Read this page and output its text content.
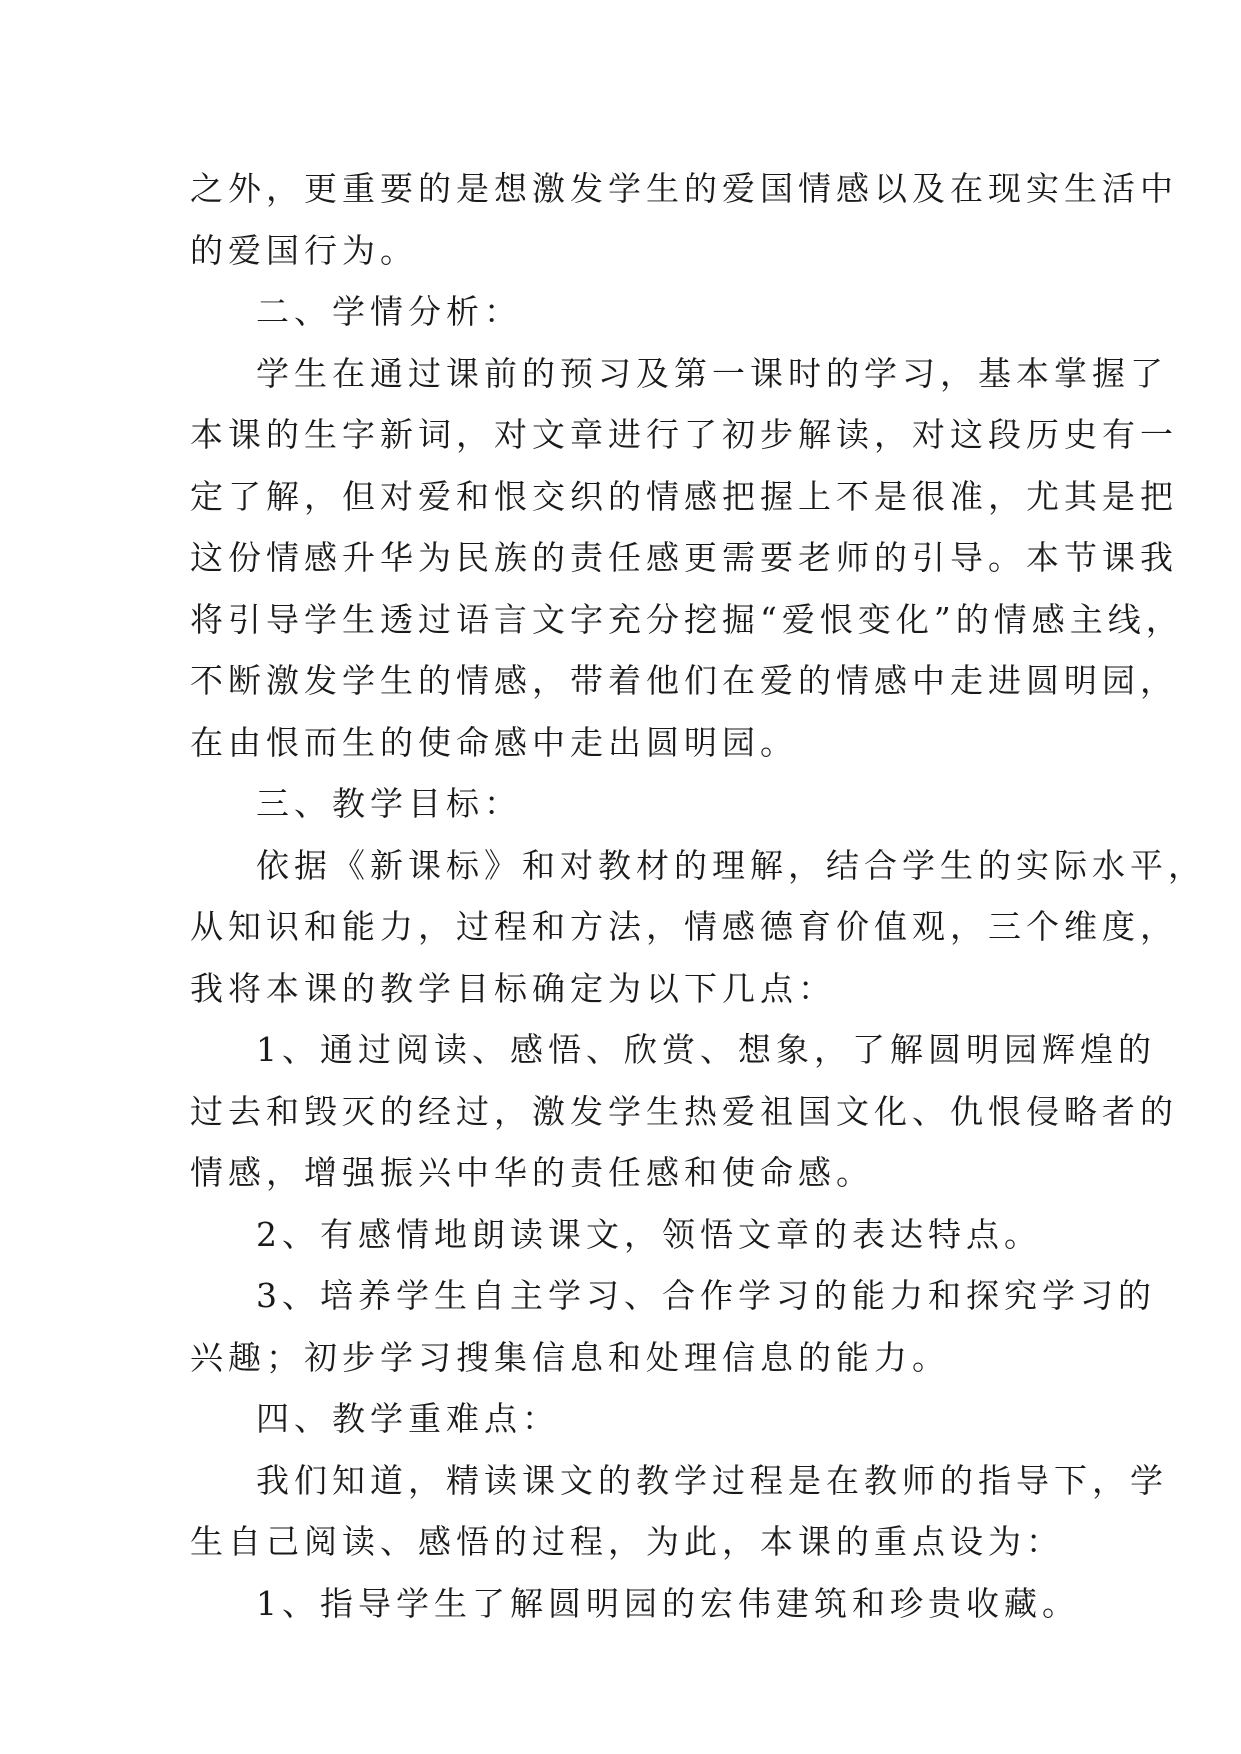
之外，更重要的是想激发学生的爱国情感以及在现实生活中
的爱国行为。
二、学情分析：
学生在通过课前的预习及第一课时的学习，基本掌握了
本课的生字新词，对文章进行了初步解读，对这段历史有一
定了解，但对爱和恨交织的情感把握上不是很准，尤其是把
这份情感升华为民族的责任感更需要老师的引导。本节课我
将引导学生透过语言文字充分挖掘“爱恨变化”的情感主线，
不断激发学生的情感，带着他们在爱的情感中走进圆明园，
在由恨而生的使命感中走出圆明园。
三、教学目标：
依据《新课标》和对教材的理解，结合学生的实际水平，
从知识和能力，过程和方法，情感德育价值观，三个维度，
我将本课的教学目标确定为以下几点：
1、通过阅读、感悟、欣赏、想象，了解圆明园辉煌的
过去和毁灭的经过，激发学生热爱祖国文化、仇恨侵略者的
情感，增强振兴中华的责任感和使命感。
2、有感情地朗读课文，领悟文章的表达特点。
3、培养学生自主学习、合作学习的能力和探究学习的
兴趣；初步学习搜集信息和处理信息的能力。
四、教学重难点：
我们知道，精读课文的教学过程是在教师的指导下，学
生自己阅读、感悟的过程，为此，本课的重点设为：
1、指导学生了解圆明园的宏伟建筑和珍贵收藏。
